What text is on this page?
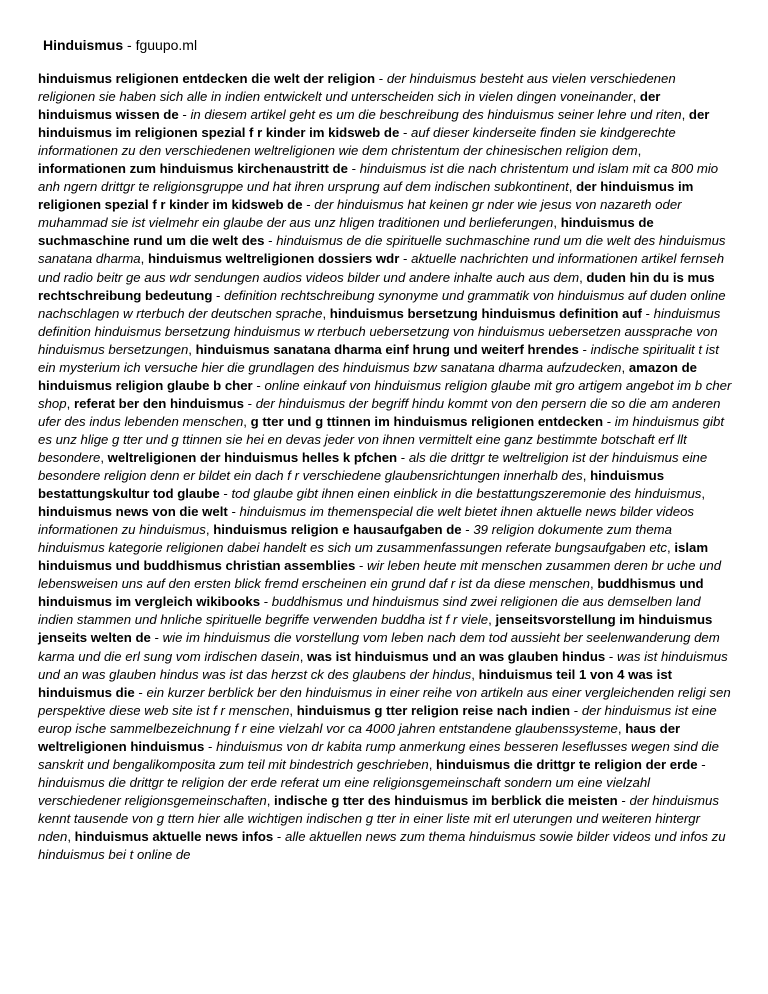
Hinduismus - fguupo.ml
hinduismus religionen entdecken die welt der religion - der hinduismus besteht aus vielen verschiedenen religionen sie haben sich alle in indien entwickelt und unterscheiden sich in vielen dingen voneinander, der hinduismus wissen de - in diesem artikel geht es um die beschreibung des hinduismus seiner lehre und riten, der hinduismus im religionen spezial f r kinder im kidsweb de - auf dieser kinderseite finden sie kindgerechte informationen zu den verschiedenen weltreligionen wie dem christentum der chinesischen religion dem, informationen zum hinduismus kirchenaustritt de - hinduismus ist die nach christentum und islam mit ca 800 mio anh ngern drittgr te religionsgruppe und hat ihren ursprung auf dem indischen subkontinent, der hinduismus im religionen spezial f r kinder im kidsweb de - der hinduismus hat keinen gr nder wie jesus von nazareth oder muhammad sie ist vielmehr ein glaube der aus unz hligen traditionen und berlieferungen, hinduismus de suchmaschine rund um die welt des - hinduismus de die spirituelle suchmaschine rund um die welt des hinduismus sanatana dharma, hinduismus weltreligionen dossiers wdr - aktuelle nachrichten und informationen artikel fernseh und radio beitr ge aus wdr sendungen audios videos bilder und andere inhalte auch aus dem, duden hin du is mus rechtschreibung bedeutung - definition rechtschreibung synonyme und grammatik von hinduismus auf duden online nachschlagen w rterbuch der deutschen sprache, hinduismus bersetzung hinduismus definition auf - hinduismus definition hinduismus bersetzung hinduismus w rterbuch uebersetzung von hinduismus uebersetzen aussprache von hinduismus bersetzungen, hinduismus sanatana dharma einf hrung und weiterf hrendes - indische spiritualit t ist ein mysterium ich versuche hier die grundlagen des hinduismus bzw sanatana dharma aufzudecken, amazon de hinduismus religion glaube b cher - online einkauf von hinduismus religion glaube mit gro artigem angebot im b cher shop, referat ber den hinduismus - der hinduismus der begriff hindu kommt von den persern die so die am anderen ufer des indus lebenden menschen, g tter und g ttinnen im hinduismus religionen entdecken - im hinduismus gibt es unz hlige g tter und g ttinnen sie hei en devas jeder von ihnen vermittelt eine ganz bestimmte botschaft erf llt besondere, weltreligionen der hinduismus helles k pfchen - als die drittgr te weltreligion ist der hinduismus eine besondere religion denn er bildet ein dach f r verschiedene glaubensrichtungen innerhalb des, hinduismus bestattungskultur tod glaube - tod glaube gibt ihnen einen einblick in die bestattungszeremonie des hinduismus, hinduismus news von die welt - hinduismus im themenspecial die welt bietet ihnen aktuelle news bilder videos informationen zu hinduismus, hinduismus religion e hausaufgaben de - 39 religion dokumente zum thema hinduismus kategorie religionen dabei handelt es sich um zusammenfassungen referate bungsaufgaben etc, islam hinduismus und buddhismus christian assemblies - wir leben heute mit menschen zusammen deren br uche und lebensweisen uns auf den ersten blick fremd erscheinen ein grund daf r ist da diese menschen, buddhismus und hinduismus im vergleich wikibooks - buddhismus und hinduismus sind zwei religionen die aus demselben land indien stammen und hnliche spirituelle begriffe verwenden buddha ist f r viele, jenseitsvorstellung im hinduismus jenseits welten de - wie im hinduismus die vorstellung vom leben nach dem tod aussieht ber seelenwanderung dem karma und die erl sung vom irdischen dasein, was ist hinduismus und an was glauben hindus - was ist hinduismus und an was glauben hindus was ist das herzst ck des glaubens der hindus, hinduismus teil 1 von 4 was ist hinduismus die - ein kurzer berblick ber den hinduismus in einer reihe von artikeln aus einer vergleichenden religi sen perspektive diese web site ist f r menschen, hinduismus g tter religion reise nach indien - der hinduismus ist eine europ ische sammelbezeichnung f r eine vielzahl vor ca 4000 jahren entstandene glaubenssysteme, haus der weltreligionen hinduismus - hinduismus von dr kabita rump anmerkung eines besseren leseflusses wegen sind die sanskrit und bengalikomposita zum teil mit bindestrich geschrieben, hinduismus die drittgr te religion der erde - hinduismus die drittgr te religion der erde referat um eine religionsgemeinschaft sondern um eine vielzahl verschiedener religionsgemeinschaften, indische g tter des hinduismus im berblick die meisten - der hinduismus kennt tausende von g ttern hier alle wichtigen indischen g tter in einer liste mit erl uterungen und weiteren hintergr nden, hinduismus aktuelle news infos - alle aktuellen news zum thema hinduismus sowie bilder videos und infos zu hinduismus bei t online de
